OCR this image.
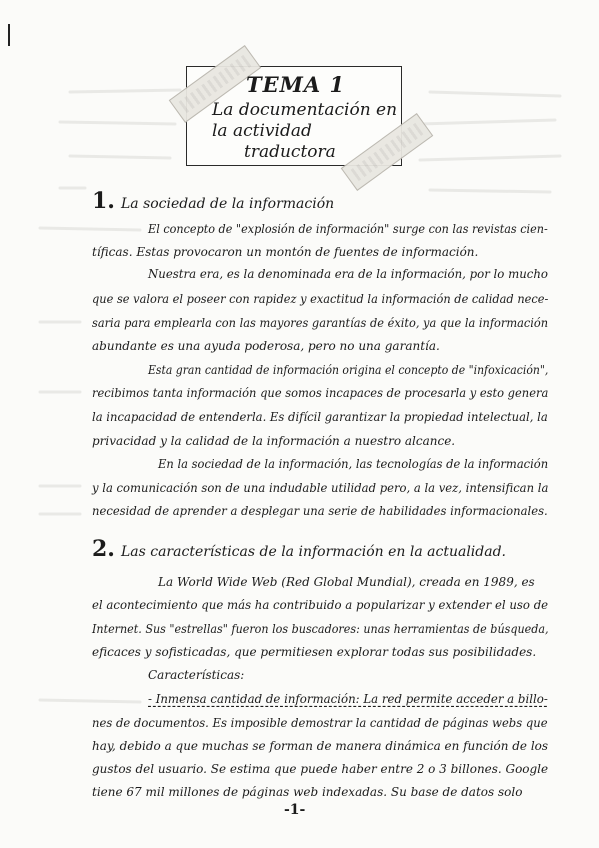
TEMA 1
La documentación en
la actividad
traductora
1. La sociedad de la información
El concepto de "explosión de información" surge con las revistas cien-
tíficas. Estas provocaron un montón de fuentes de información.
Nuestra era, es la denominada era de la información, por lo mucho
que se valora el poseer con rapidez y exactitud la información de calidad nece-
saria para emplearla con las mayores garantías de éxito, ya que la información
abundante es una ayuda poderosa, pero no una garantía.
Esta gran cantidad de información origina el concepto de "infoxicación",
recibimos tanta información que somos incapaces de procesarla y esto genera
la incapacidad de entenderla. Es difícil garantizar la propiedad intelectual, la
privacidad y la calidad de la información a nuestro alcance.
En la sociedad de la información, las tecnologías de la información
y la comunicación son de una indudable utilidad pero, a la vez, intensifican la
necesidad de aprender a desplegar una serie de habilidades informacionales.
2. Las características de la información en la actualidad.
La World Wide Web (Red Global Mundial), creada en 1989, es
el acontecimiento que más ha contribuido a popularizar y extender el uso de
Internet. Sus "estrellas" fueron los buscadores: unas herramientas de búsqueda,
eficaces y sofisticadas, que permitiesen explorar todas sus posibilidades.
Características:
- Inmensa cantidad de información: La red permite acceder a billo-
nes de documentos. Es imposible demostrar la cantidad de páginas webs que
hay, debido a que muchas se forman de manera dinámica en función de los
gustos del usuario. Se estima que puede haber entre 2 o 3 billones. Google
tiene 67 mil millones de páginas web indexadas. Su base de datos solo
-1-
